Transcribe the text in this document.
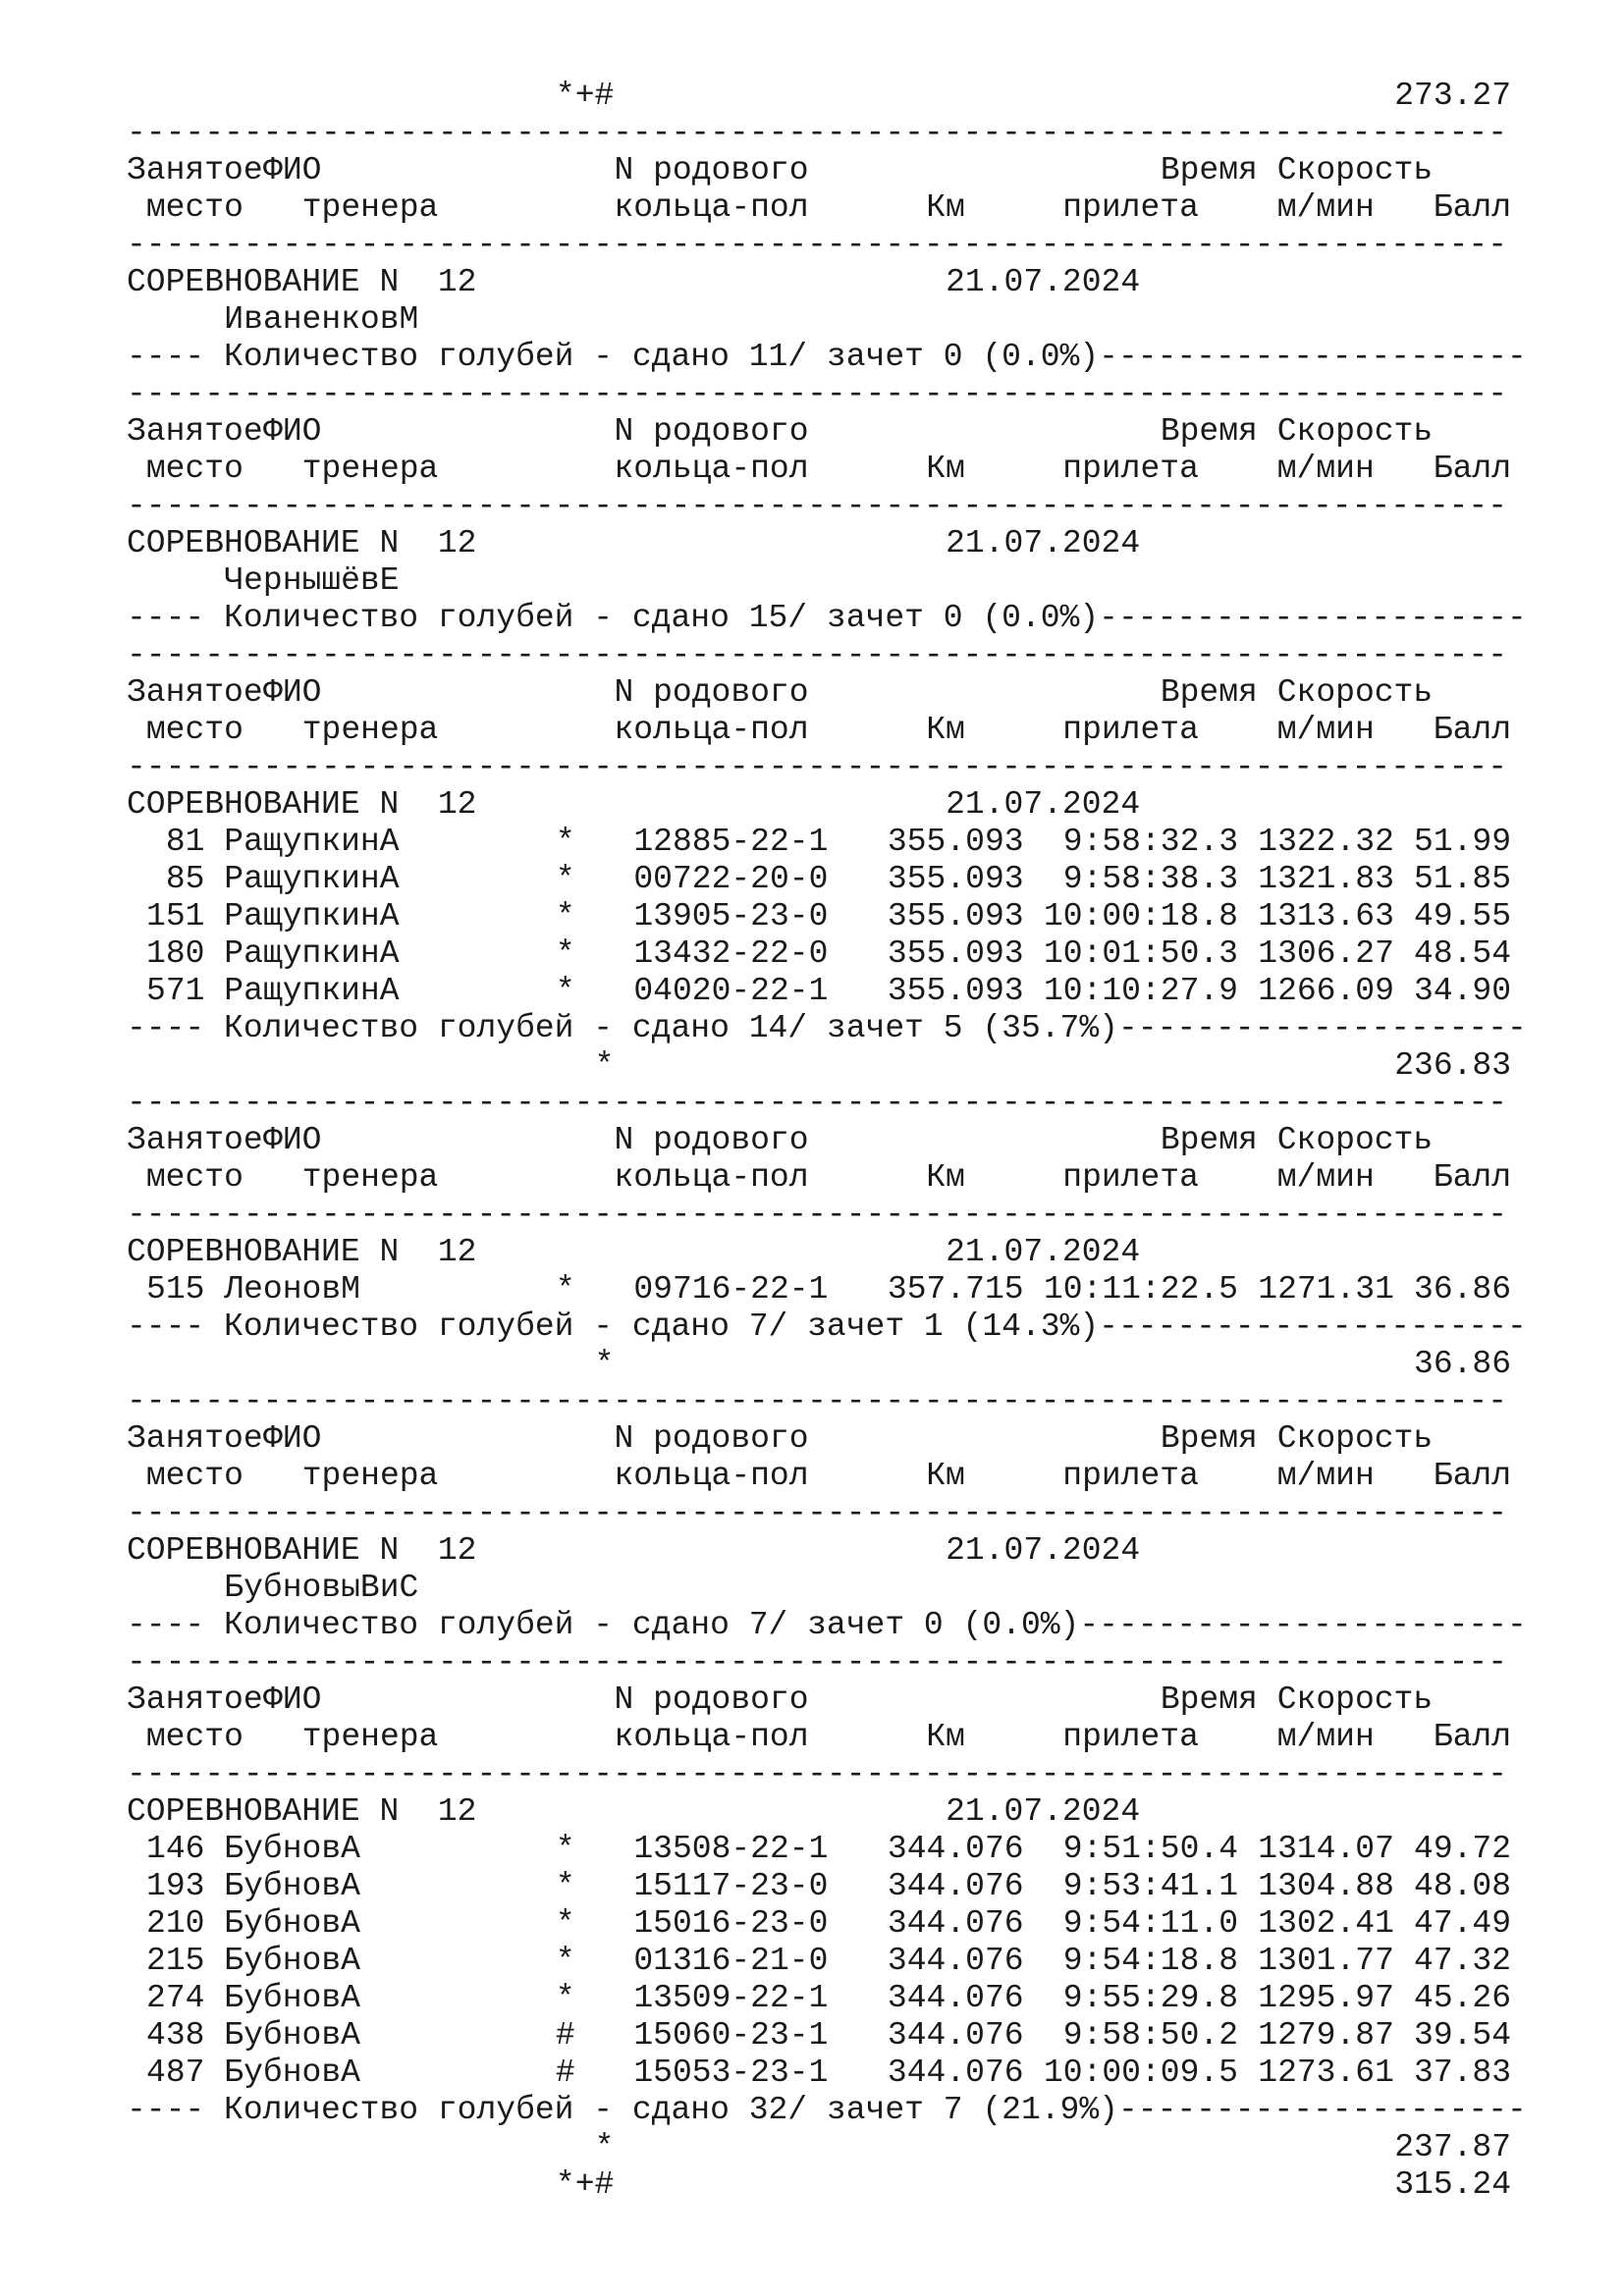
*+#	273.27
-----------------------------------------------------------------------
Занятое ФИО	N родового	Время Скорость
место тренера	кольца-пол	Км	прилета м/мин	Балл
-----------------------------------------------------------------------
СОРЕВНОВАНИЕ N  12	21.07.2024
ИваненковМ
---- Количество голубей - сдано 11/ зачет 0 (0.0%)----------------------
-----------------------------------------------------------------------
Занятое ФИО	N родового	Время Скорость
место тренера	кольца-пол	Км	прилета м/мин	Балл
-----------------------------------------------------------------------
СОРЕВНОВАНИЕ N  12	21.07.2024
ЧернышёвЕ
---- Количество голубей - сдано 15/ зачет 0 (0.0%)----------------------
-----------------------------------------------------------------------
Занятое ФИО	N родового	Время Скорость
место тренера	кольца-пол	Км	прилета м/мин	Балл
-----------------------------------------------------------------------
СОРЕВНОВАНИЕ N  12	21.07.2024
81 РащупкинА	* 12885-22-1	355.093	9:58:32.3 1322.32 51.99
85 РащупкинА	* 00722-20-0	355.093	9:58:38.3 1321.83 51.85
151 РащупкинА	* 13905-23-0	355.093 10:00:18.8 1313.63 49.55
180 РащупкинА	* 13432-22-0	355.093 10:01:50.3 1306.27 48.54
571 РащупкинА	* 04020-22-1	355.093 10:10:27.9 1266.09 34.90
---- Количество голубей - сдано 14/ зачет 5 (35.7%)---------------------
*	236.83
-----------------------------------------------------------------------
Занятое ФИО	N родового	Время Скорость
место тренера	кольца-пол	Км	прилета м/мин	Балл
-----------------------------------------------------------------------
СОРЕВНОВАНИЕ N  12	21.07.2024
515 ЛеоновМ	* 09716-22-1	357.715 10:11:22.5 1271.31 36.86
---- Количество голубей - сдано 7/ зачет 1 (14.3%)----------------------
*	36.86
-----------------------------------------------------------------------
Занятое ФИО	N родового	Время Скорость
место тренера	кольца-пол	Км	прилета м/мин	Балл
-----------------------------------------------------------------------
СОРЕВНОВАНИЕ N  12	21.07.2024
БубновыВиС
---- Количество голубей - сдано 7/ зачет 0 (0.0%)-----------------------
-----------------------------------------------------------------------
Занятое ФИО	N родового	Время Скорость
место тренера	кольца-пол	Км	прилета м/мин	Балл
-----------------------------------------------------------------------
СОРЕВНОВАНИЕ N  12	21.07.2024
146 БубновА	* 13508-22-1	344.076	9:51:50.4 1314.07 49.72
193 БубновА	* 15117-23-0	344.076	9:53:41.1 1304.88 48.08
210 БубновА	* 15016-23-0	344.076	9:54:11.0 1302.41 47.49
215 БубновА	* 01316-21-0	344.076	9:54:18.8 1301.77 47.32
274 БубновА	* 13509-22-1	344.076	9:55:29.8 1295.97 45.26
438 БубновА	# 15060-23-1	344.076	9:58:50.2 1279.87 39.54
487 БубновА	# 15053-23-1	344.076 10:00:09.5 1273.61 37.83
---- Количество голубей - сдано 32/ зачет 7 (21.9%)---------------------
*	237.87
*+#	315.24
